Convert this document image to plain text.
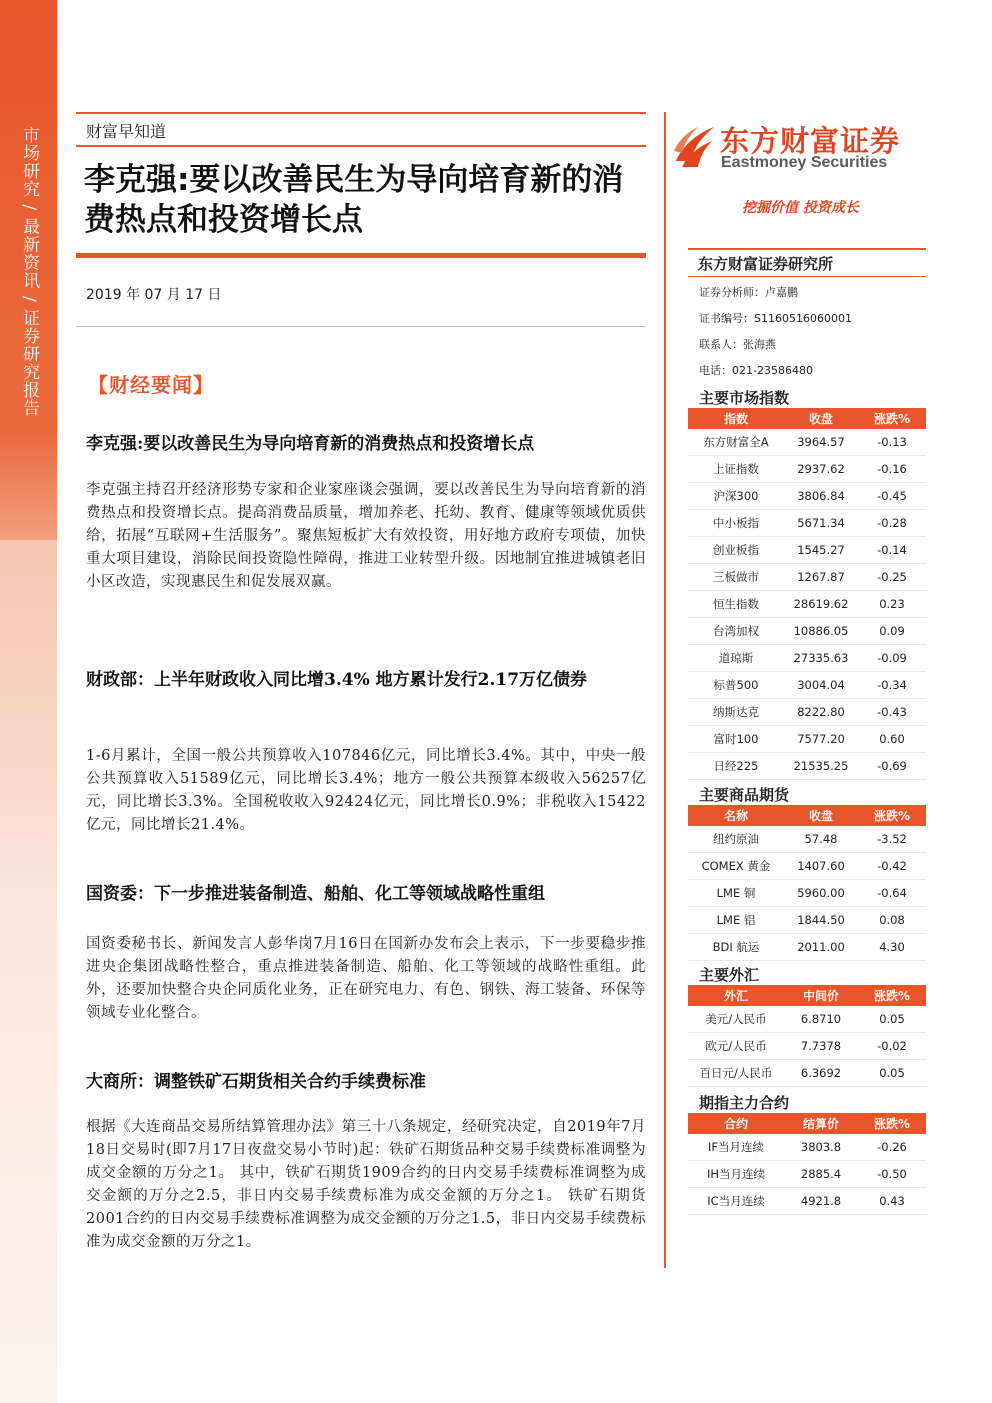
市场研究 / 最新资讯 / 证券研究报告	财富早知道
李克强:要以改善民生为导向培育新的消费热点和投资增长点
2019 年 07 月 17 日
【财经要闻】
李克强:要以改善民生为导向培育新的消费热点和投资增长点
李克强主持召开经济形势专家和企业家座谈会强调，要以改善民生为导向培育新的消费热点和投资增长点。提高消费品质量，增加养老、托幼、教育、健康等领域优质供给，拓展“互联网+生活服务”。聚焦短板扩大有效投资，用好地方政府专项债，加快重大项目建设，消除民间投资隐性障碍，推进工业转型升级。因地制宜推进城镇老旧小区改造，实现惠民生和促发展双赢。
财政部：上半年财政收入同比增3.4% 地方累计发行2.17万亿债券
1-6月累计，全国一般公共预算收入107846亿元，同比增长3.4%。其中，中央一般公共预算收入51589亿元，同比增长3.4%；地方一般公共预算本级收入56257亿元，同比增长3.3%。全国税收收入92424亿元，同比增长0.9%；非税收入15422亿元，同比增长21.4%。
国资委：下一步推进装备制造、船舶、化工等领域战略性重组
国资委秘书长、新闻发言人彭华岗7月16日在国新办发布会上表示，下一步要稳步推进央企集团战略性整合，重点推进装备制造、船舶、化工等领域的战略性重组。此外，还要加快整合央企同质化业务，正在研究电力、有色、钢铁、海工装备、环保等领域专业化整合。
大商所：调整铁矿石期货相关合约手续费标准
根据《大连商品交易所结算管理办法》第三十八条规定，经研究决定，自2019年7月18日交易时(即7月17日夜盘交易小节时)起：铁矿石期货品种交易手续费标准调整为成交金额的万分之1。 其中，铁矿石期货1909合约的日内交易手续费标准调整为成交金额的万分之2.5，非日内交易手续费标准为成交金额的万分之1。 铁矿石期货2001合约的日内交易手续费标准调整为成交金额的万分之1.5，非日内交易手续费标准为成交金额的万分之1。
东方财富证券
Eastmoney Securities
挖掘价值 投资成长
东方财富证券研究所
证券分析师：卢嘉鹏
证书编号：S1160516060001
联系人：张海燕
电话：021-23586480
主要市场指数
指数	收盘	涨跌%
东方财富全A	3964.57	-0.13
上证指数	2937.62	-0.16
沪深300	3806.84	-0.45
中小板指	5671.34	-0.28
创业板指	1545.27	-0.14
三板做市	1267.87	-0.25
恒生指数	28619.62	0.23
台湾加权	10886.05	0.09
道琼斯	27335.63	-0.09
标普500	3004.04	-0.34
纳斯达克	8222.80	-0.43
富时100	7577.20	0.60
日经225	21535.25	-0.69
主要商品期货
名称	收盘	涨跌%
纽约原油	57.48	-3.52
COMEX 黄金	1407.60	-0.42
LME 铜	5960.00	-0.64
LME 铝	1844.50	0.08
BDI 航运	2011.00	4.30
主要外汇
外汇	中间价	涨跌%
美元/人民币	6.8710	0.05
欧元/人民币	7.7378	-0.02
百日元/人民币	6.3692	0.05
期指主力合约
合约	结算价	涨跌%
IF当月连续	3803.8	-0.26
IH当月连续	2885.4	-0.50
IC当月连续	4921.8	0.43
